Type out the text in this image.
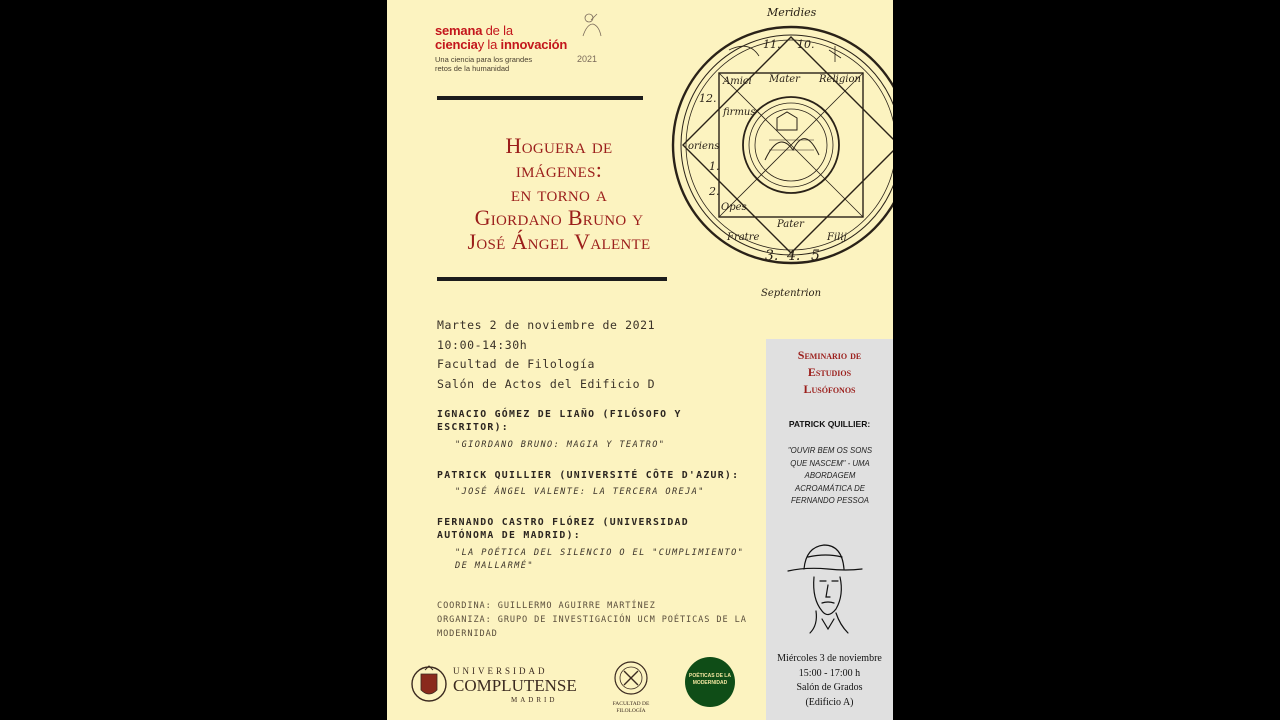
semana de la
cienciay la innovación
2021
Una ciencia para los grandes
retos de la humanidad
Hoguera de
imágenes:
en torno a
Giordano Bruno y
José Ángel Valente
Meridies
Septentrion
oriens
Amici Mater Religion
firmus
Opes
Fratre
Pater
Filij
11. 10.
12.
1.
2.
3. 4. 5.
Martes 2 de noviembre de 2021
10:00-14:30h
Facultad de Filología
Salón de Actos del Edificio D
IGNACIO GÓMEZ DE LIAÑO (FILÓSOFO Y
ESCRITOR):
"GIORDANO BRUNO: MAGIA Y TEATRO"
PATRICK QUILLIER (UNIVERSITÉ CÔTE D'AZUR):
"JOSÉ ÁNGEL VALENTE: LA TERCERA OREJA"
FERNANDO CASTRO FLÓREZ (UNIVERSIDAD
AUTÓNOMA DE MADRID):
"LA POÉTICA DEL SILENCIO O EL "CUMPLIMIENTO"
DE MALLARMÉ"
COORDINA: GUILLERMO AGUIRRE MARTÍNEZ
ORGANIZA: GRUPO DE INVESTIGACIÓN UCM POÉTICAS DE LA
MODERNIDAD
UNIVERSIDAD
COMPLUTENSE
MADRID	FACULTAD DE
FILOLOGÍA
POÉTICAS DE LA
MODERNIDAD
Seminario de
Estudios
Lusófonos
PATRICK QUILLIER:
"OUVIR BEM OS SONS
QUE NASCEM" - UMA
ABORDAGEM
ACROAMÁTICA DE
FERNANDO PESSOA
Miércoles 3 de noviembre
15:00 - 17:00 h
Salón de Grados
(Edificio A)
